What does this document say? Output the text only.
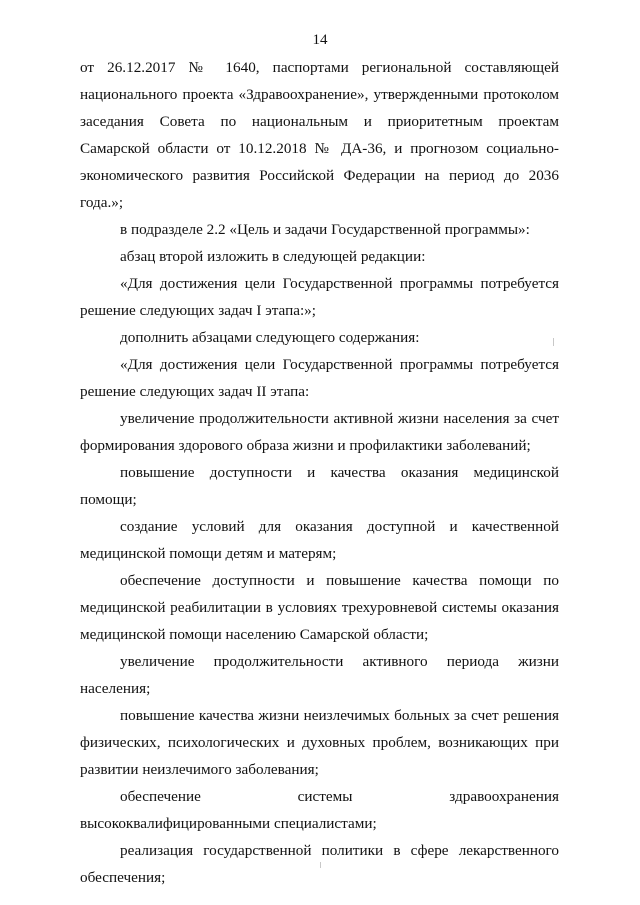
14

от 26.12.2017 № 1640, паспортами региональной составляющей национального проекта «Здравоохранение», утвержденными протоколом заседания Совета по национальным и приоритетным проектам Самарской области от 10.12.2018 № ДА-36, и прогнозом социально-экономического развития Российской Федерации на период до 2036 года.»;

в подразделе 2.2 «Цель и задачи Государственной программы»:

абзац второй изложить в следующей редакции:

«Для достижения цели Государственной программы потребуется решение следующих задач I этапа:»;

дополнить абзацами следующего содержания:

«Для достижения цели Государственной программы потребуется решение следующих задач II этапа:

увеличение продолжительности активной жизни населения за счет формирования здорового образа жизни и профилактики заболеваний;

повышение доступности и качества оказания медицинской помощи;

создание условий для оказания доступной и качественной медицинской помощи детям и матерям;

обеспечение доступности и повышение качества помощи по медицинской реабилитации в условиях трехуровневой системы оказания медицинской помощи населению Самарской области;

увеличение продолжительности активного периода жизни населения;

повышение качества жизни неизлечимых больных за счет решения физических, психологических и духовных проблем, возникающих при развитии неизлечимого заболевания;

обеспечение системы здравоохранения высококвалифицированными специалистами;

реализация государственной политики в сфере лекарственного обеспечения;
